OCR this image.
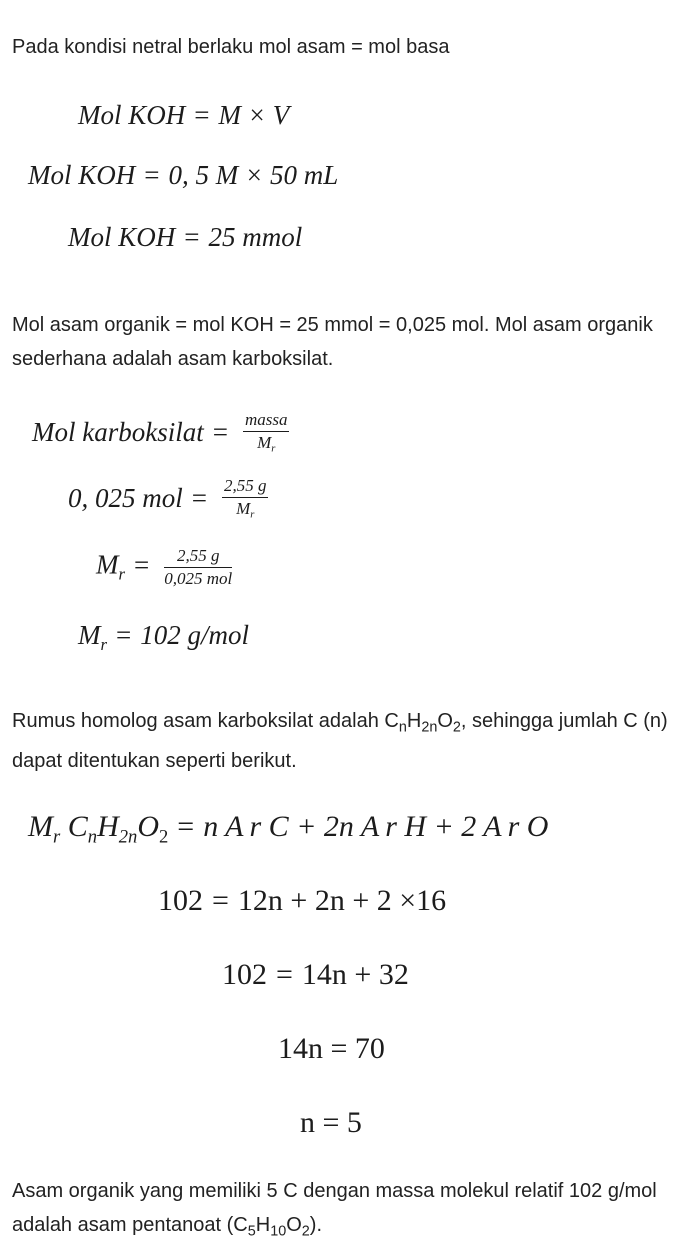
Pada kondisi netral berlaku mol asam = mol basa
Mol KOH = M × V
Mol KOH = 0, 5 M × 50 mL
Mol KOH = 25 mmol
Mol asam organik = mol KOH = 25 mmol = 0,025 mol. Mol asam organik sederhana adalah asam karboksilat.
Mol karboksilat = $\frac{\text{massa}}{M_r}$
0, 025 mol = $\frac{2,55 g}{M_r}$
$M_r = \frac{2,55 g}{\text{0,025 mol}}$
$M_r = 102$ g/mol
Rumus homolog asam karboksilat adalah $C_nH_{2n}O_2$, sehingga jumlah C (n) dapat ditentukan seperti berikut.
$M_r$ $C_nH_{2n}O_2 = n$ A r C + 2n A r H + 2 A r O
102 = 12n + 2n + 2 ×16
102 = 14n + 32
14n = 70
n = 5
Asam organik yang memiliki 5 C dengan massa molekul relatif 102 g/mol adalah asam pentanoat $(C_5H_{10}O_2)$.
